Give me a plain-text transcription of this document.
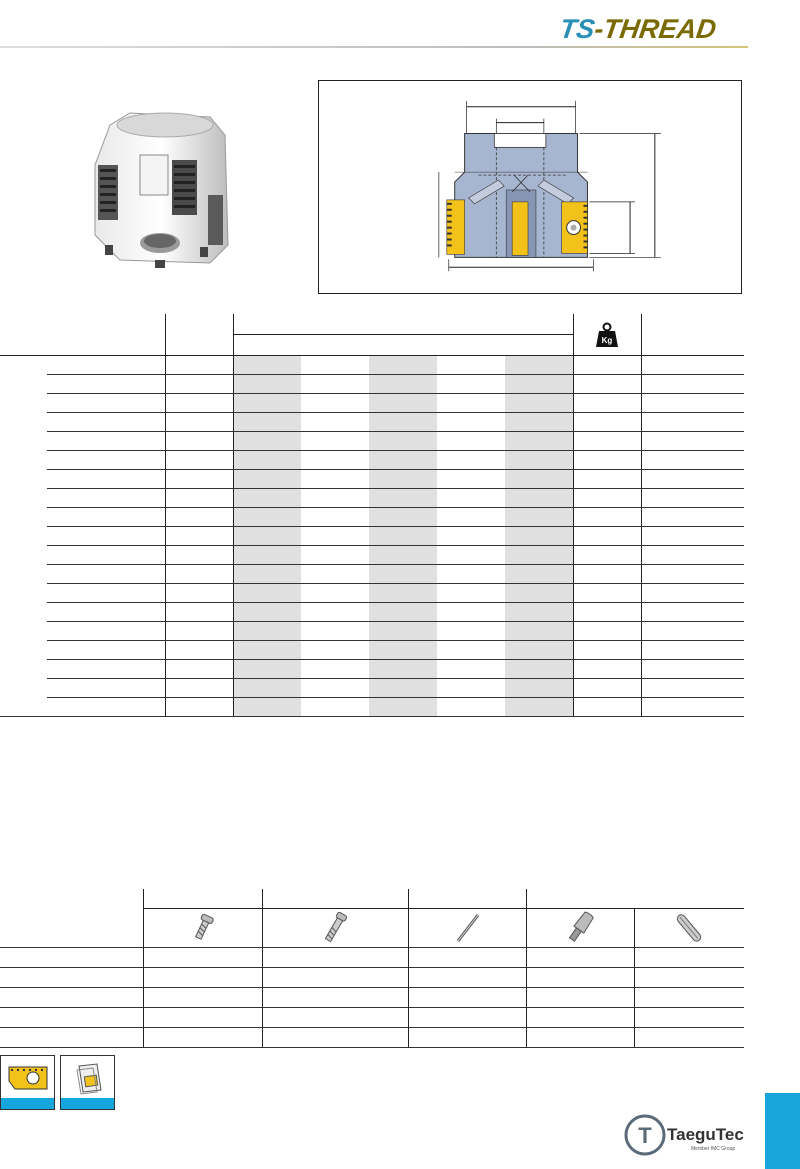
TS-THREAD

Kg	

T TaeguTec
Member IMC Group
